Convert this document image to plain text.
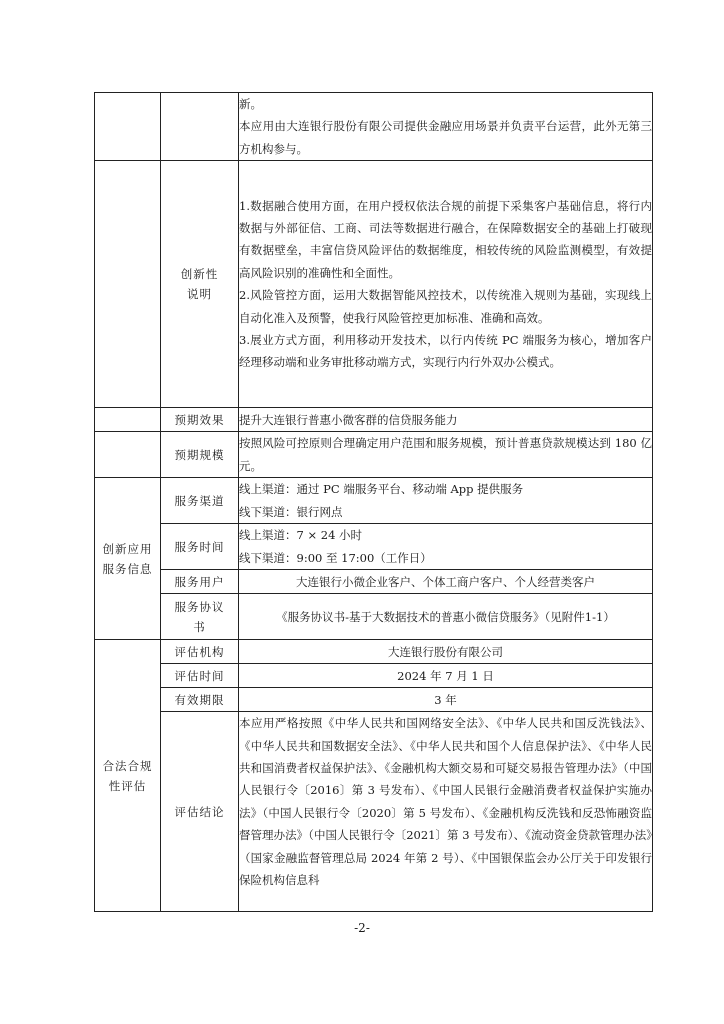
		新。

本应用由大连银行股份有限公司提供金融应用场景并负责平台运营，此外无第三方机构参与。

	创新性说明	1.数据融合使用方面，在用户授权依法合规的前提下采集客户基础信息，将行内数据与外部征信、工商、司法等数据进行融合，在保障数据安全的基础上打破现有数据壁垒，丰富信贷风险评估的数据维度，相较传统的风险监测模型，有效提高风险识别的准确性和全面性。

2.风险管控方面，运用大数据智能风控技术，以传统准入规则为基础，实现线上自动化准入及预警，使我行风险管控更加标准、准确和高效。

3.展业方式方面，利用移动开发技术，以行内传统 PC 端服务为核心，增加客户经理移动端和业务审批移动端方式，实现行内行外双办公模式。

	预期效果	提升大连银行普惠小微客群的信贷服务能力
	预期规模	按照风险可控原则合理确定用户范围和服务规模，预计普惠贷款规模达到 180 亿元。
创新应用服务信息	服务渠道	线上渠道：通过 PC 端服务平台、移动端 App 提供服务

线下渠道：银行网点

	服务时间	线上渠道：7 × 24 小时

线下渠道：9:00 至 17:00（工作日）

	服务用户	大连银行小微企业客户、个体工商户客户、个人经营类客户
	服务协议书	《服务协议书-基于大数据技术的普惠小微信贷服务》（见附件1-1）
合法合规性评估	评估机构	大连银行股份有限公司
	评估时间	2024 年 7 月 1 日
	有效期限	3 年
	评估结论	本应用严格按照《中华人民共和国网络安全法》、《中华人民共和国反洗钱法》、《中华人民共和国数据安全法》、《中华人民共和国个人信息保护法》、《中华人民共和国消费者权益保护法》、《金融机构大额交易和可疑交易报告管理办法》（中国人民银行令〔2016〕第 3 号发布）、《中国人民银行金融消费者权益保护实施办法》（中国人民银行令〔2020〕第 5 号发布）、《金融机构反洗钱和反恐怖融资监督管理办法》（中国人民银行令〔2021〕第 3 号发布）、《流动资金贷款管理办法》（国家金融监督管理总局 2024 年第 2 号）、《中国银保监会办公厅关于印发银行保险机构信息科
-2-
